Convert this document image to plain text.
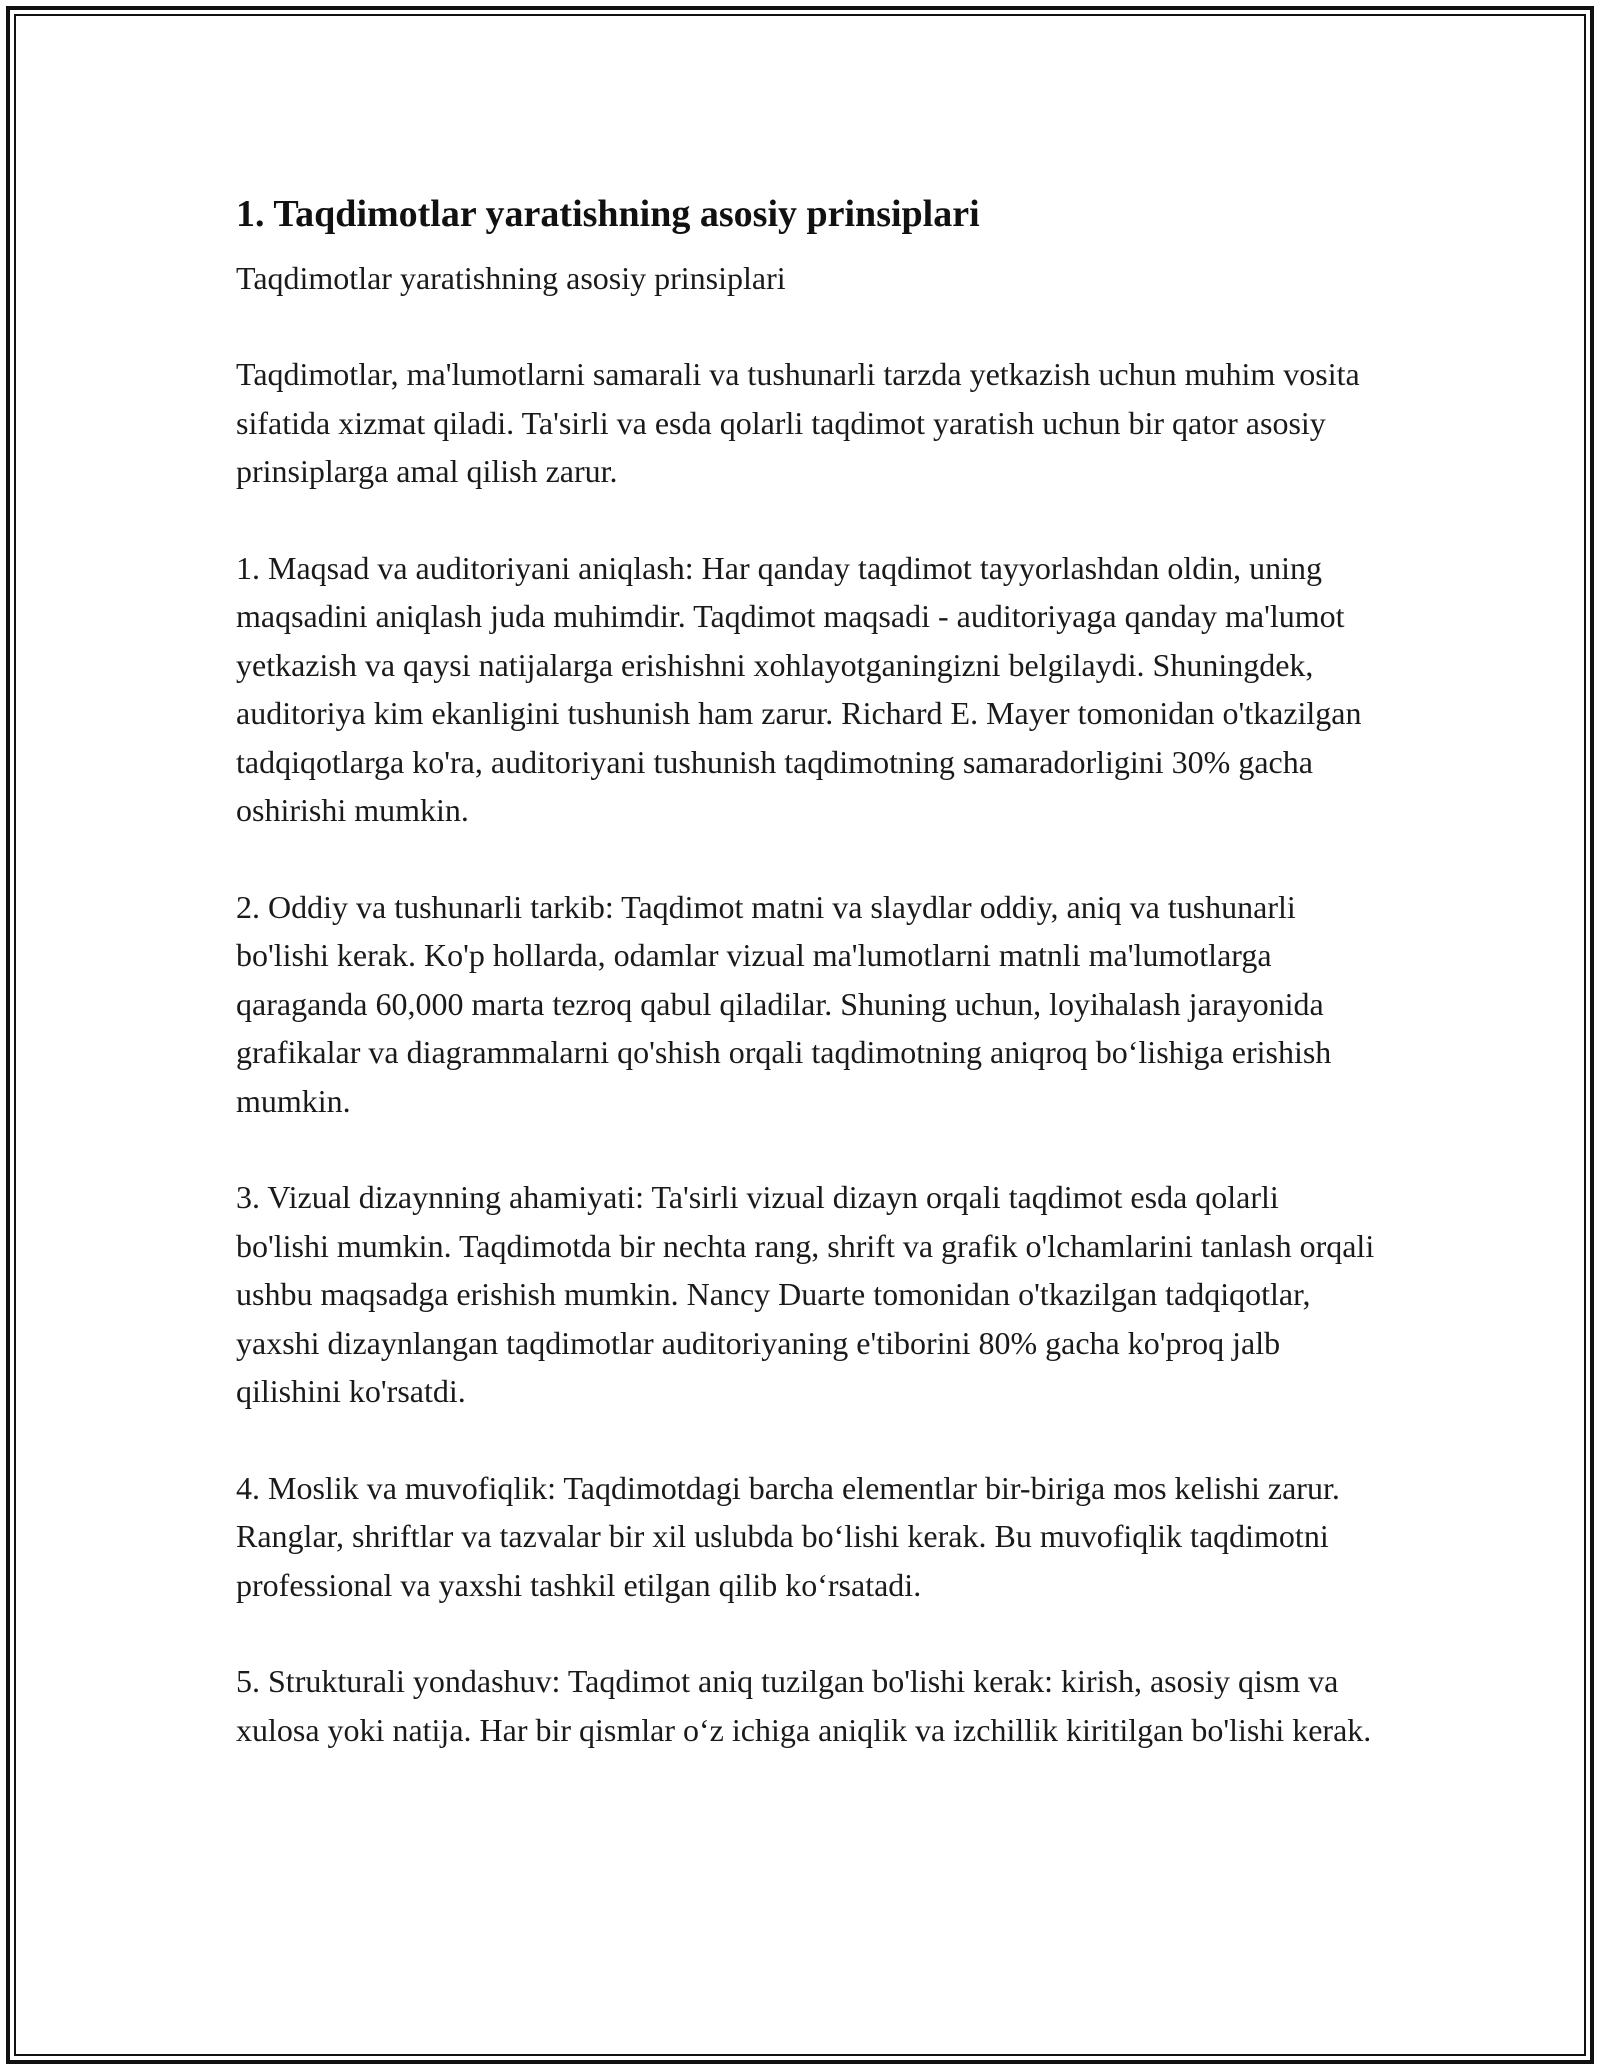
1. Taqdimotlar yaratishning asosiy prinsiplari

Taqdimotlar yaratishning asosiy prinsiplari

Taqdimotlar, ma'lumotlarni samarali va tushunarli tarzda yetkazish uchun muhim vosita sifatida xizmat qiladi. Ta'sirli va esda qolarli taqdimot yaratish uchun bir qator asosiy prinsiplarga amal qilish zarur.

1. Maqsad va auditoriyani aniqlash: Har qanday taqdimot tayyorlashdan oldin, uning maqsadini aniqlash juda muhimdir. Taqdimot maqsadi - auditoriyaga qanday ma'lumot yetkazish va qaysi natijalarga erishishni xohlayotganingizni belgilaydi. Shuningdek, auditoriya kim ekanligini tushunish ham zarur. Richard E. Mayer tomonidan o'tkazilgan tadqiqotlarga ko'ra, auditoriyani tushunish taqdimotning samaradorligini 30% gacha oshirishi mumkin.

2. Oddiy va tushunarli tarkib: Taqdimot matni va slaydlar oddiy, aniq va tushunarli bo'lishi kerak. Ko'p hollarda, odamlar vizual ma'lumotlarni matnli ma'lumotlarga qaraganda 60,000 marta tezroq qabul qiladilar. Shuning uchun, loyihalash jarayonida grafikalar va diagrammalarni qo'shish orqali taqdimotning aniqroq bo‘lishiga erishish mumkin.

3. Vizual dizaynning ahamiyati: Ta'sirli vizual dizayn orqali taqdimot esda qolarli bo'lishi mumkin. Taqdimotda bir nechta rang, shrift va grafik o'lchamlarini tanlash orqali ushbu maqsadga erishish mumkin. Nancy Duarte tomonidan o'tkazilgan tadqiqotlar, yaxshi dizaynlangan taqdimotlar auditoriyaning e'tiborini 80% gacha ko'proq jalb qilishini ko'rsatdi.

4. Moslik va muvofiqlik: Taqdimotdagi barcha elementlar bir-biriga mos kelishi zarur. Ranglar, shriftlar va tazvalar bir xil uslubda bo‘lishi kerak. Bu muvofiqlik taqdimotni professional va yaxshi tashkil etilgan qilib ko‘rsatadi.

5. Strukturali yondashuv: Taqdimot aniq tuzilgan bo'lishi kerak: kirish, asosiy qism va xulosa yoki natija. Har bir qismlar o‘z ichiga aniqlik va izchillik kiritilgan bo'lishi kerak.
